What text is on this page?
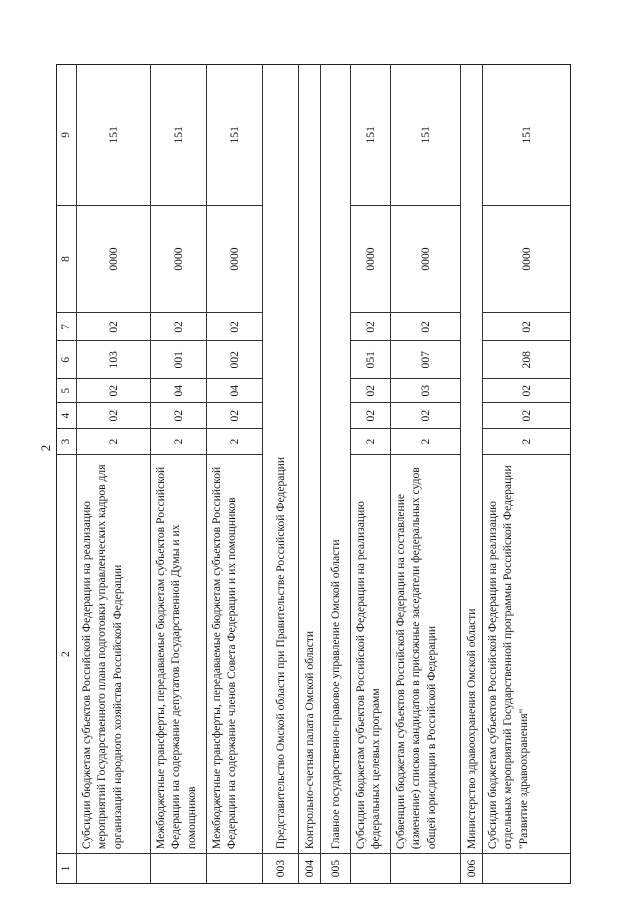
2
1
2
3
4
5
6
7
8
9
Субсидии бюджетам субъектов Российской Федерации на реализацию мероприятий Государственного плана подготовки управленческих кадров для организаций народного хозяйства Российской Федерации
2
02
02
103
02
0000
151
Межбюджетные трансферты, передаваемые бюджетам субъектов Российской Федерации на содержание депутатов Государственной Думы и их помощников
2
02
04
001
02
0000
151
Межбюджетные трансферты, передаваемые бюджетам субъектов Российской Федерации на содержание членов Совета Федерации и их помощников
2
02
04
002
02
0000
151
003
Представительство Омской области при Правительстве Российской Федерации
004
Контрольно-счетная палата Омской области
005
Главное государственно-правовое управление Омской области	Субсидии бюджетам субъектов Российской Федерации на реализацию федеральных целевых программ
2
02
02
051
02
0000
151
Субвенции бюджетам субъектов Российской Федерации на составление (изменение) списков кандидатов в присяжные заседатели федеральных судов общей юрисдикции в Российской Федерации
2
02
03
007
02
0000
151
006
Министерство здравоохранения Омской области Субсидии бюджетам субъектов Российской Федерации на реализацию отдельных мероприятий Государственной программы Российской Федерации "Развитие здравоохранения"
2
02
02
208
02
0000
151
